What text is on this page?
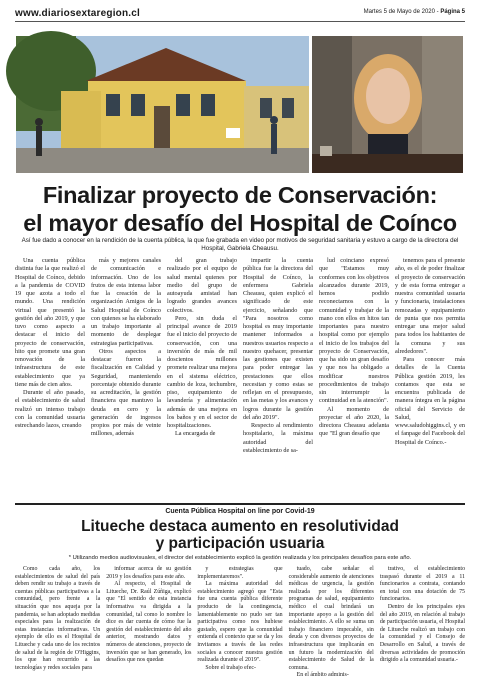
www.diariosextaregion.cl	Martes 5 de Mayo de 2020 - Página 5
Finalizar proyecto de Conservación:
el mayor desafío del Hospital de Coínco

Así fue dado a conocer en la rendición de la cuenta pública, la que fue grabada en video por motivos de seguridad sanitaria y estuvo a cargo de la directora del Hospital, Gabriela Cheausu.

Una cuenta pública distinta fue la que realizó el Hospital de Coínco, debido a la pandemia de COVID 19 que azota a todo el mundo. Una rendición virtual que presentó la gestión del año 2019, y que tuvo como aspecto a destacar el inicio del proyecto de conservación, hito que promete una gran renovación de la infraestructura de este establecimiento que ya tiene más de cien años.

Durante el año pasado, el establecimiento de salud realizó un intenso trabajo con la comunidad usuaria estrechando lazos, creando

más y mejores canales de comunicación e información. Uno de los frutos de esta intensa labor fue la creación de la organización Amigos de la Salud Hospital de Coínco con quienes se ha elaborado un trabajo importante al momento de desplegar estrategias participativas.

Otros aspectos a destacar fueron la fiscalización en Calidad y Seguridad, manteniendo porcentaje obtenido durante su acreditación, la gestión financiera que mantuvo la deuda en cero y la generación de ingresos propios por más de veinte millones, además

del gran trabajo realizado por el equipo de salud mental quienes por medio del grupo de autoayuda amistad han logrado grandes avances colectivos.

Pero, sin duda el principal avance de 2019 fue el inicio del proyecto de conservación, con una inversión de más de mil doscientos millones promete realizar una mejora en el sistema eléctrico, cambio de loza, techumbre, piso, equipamiento de lavandería y alimentación además de una mejora en los baños y en el sector de hospitalizaciones.

La encargada de

impartir la cuenta pública fue la directora del Hospital de Coínco, la enfermera Gabriela Cheausu, quien explicó el significado de este ejercicio, señalando que "Para nosotros como hospital es muy importante mantener informados a nuestros usuarios respecto a nuestro quehacer, presentar las gestiones que existen para poder entregar las prestaciones que ellos necesitan y como estas se reflejan en el presupuesto, en las metas y los avances y logros durante la gestión del año 2019".

Respecto al rendimiento hospitalario, la máxima autoridad del establecimiento de sa-

lud coinciano expresó que "Estamos muy conformes con los objetivos alcanzados durante 2019, hemos podido reconectarnos con la comunidad y trabajar de la mano con ellos en hitos tan importantes para nuestro hospital como por ejemplo el inicio de los trabajos del proyecto de Conservación, que ha sido un gran desafío y que nos ha obligado a modificar nuestros procedimientos de trabajo sin interrumpir la continuidad en la atención".

Al momento de proyectar el año 2020, la directora Cheausu adelanta que "El gran desafío que

tenemos para el presente año, es el de poder finalizar el proyecto de conservación y de esta forma entregar a nuestra comunidad usuaria y funcionaria, instalaciones remozadas y equipamiento de punta que nos permita entregar una mejor salud para todos los habitantes de la comuna y sus alrededores".

Para conocer más detalles de la Cuenta Pública gestión 2019, les contamos que esta se encuentra publicada de manera íntegra en la página oficial del Servicio de Salud, www.saludohiggins.cl, y en el fanpage del Facebook del Hospital de Coínco.-

Cuenta Pública Hospital on line por Covid-19

Litueche destaca aumento en resolutividad
y participación usuaria

* Utilizando medios audiovisuales, el director del establecimiento explicó la gestión realizada y los principales desafíos para este año.

Como cada año, los establecimientos de salud del país deben rendir su trabajo a través de cuentas públicas participativas a la comunidad, pero frente a la situación que nos aqueja por la pandemia, se han adoptado medidas especiales para la realización de estas instancias informativas. Un ejemplo de ello es el Hospital de Litueche y cada uno de los recintos de salud de la región de O'Higgins, los que han recurrido a las tecnologías y redes sociales para

informar acerca de su gestión 2019 y los desafíos para este año.

Al respecto, el Hospital de Litueche, Dr. Raúl Zúñiga, explicó que "El sentido de esta instancia informativa va dirigida a la comunidad, tal como lo nombre lo dice es dar cuenta de cómo fue la gestión del establecimiento del año anterior, mostrando datos y números de atenciones, proyecto de inversión que se han generado, los desafíos que nos quedan

y estrategias que implementaremos".

La máxima autoridad del establecimiento agregó que "Esta fue una cuenta pública diferente producto de la contingencia, lamentablemente no pudo ser tan participativa como nos hubiese gustado, espero que la comunidad entienda el contexto que se da y los invitamos a través de las redes sociales a conocer nuestra gestión realizada durante el 2019".

Sobre el trabajo efec-

tuado, cabe señalar el considerable aumento de atenciones médicas de urgencia, la gestión realizada por los diferentes programas de salud, equipamiento médico el cual brindará un importante apoyo a la gestión del establecimiento. A ello se suma un trabajo financiero impecable, sin deuda y con diversos proyectos de infraestructura que implicarán en un futuro la modernización del establecimiento de Salud de la comuna.

En el ámbito adminis-

trativo, el establecimiento traspasó durante el 2019 a 11 funcionarios a contrata, contando en total con una dotación de 75 funcionarios.

Dentro de los principales ejes del año 2019, en relación al trabajo de participación usuaria, el Hospital de Litueche realizó un trabajo con la comunidad y el Consejo de Desarrollo en Salud, a través de diversas actividades de promoción dirigido a la comunidad usuaria.-
